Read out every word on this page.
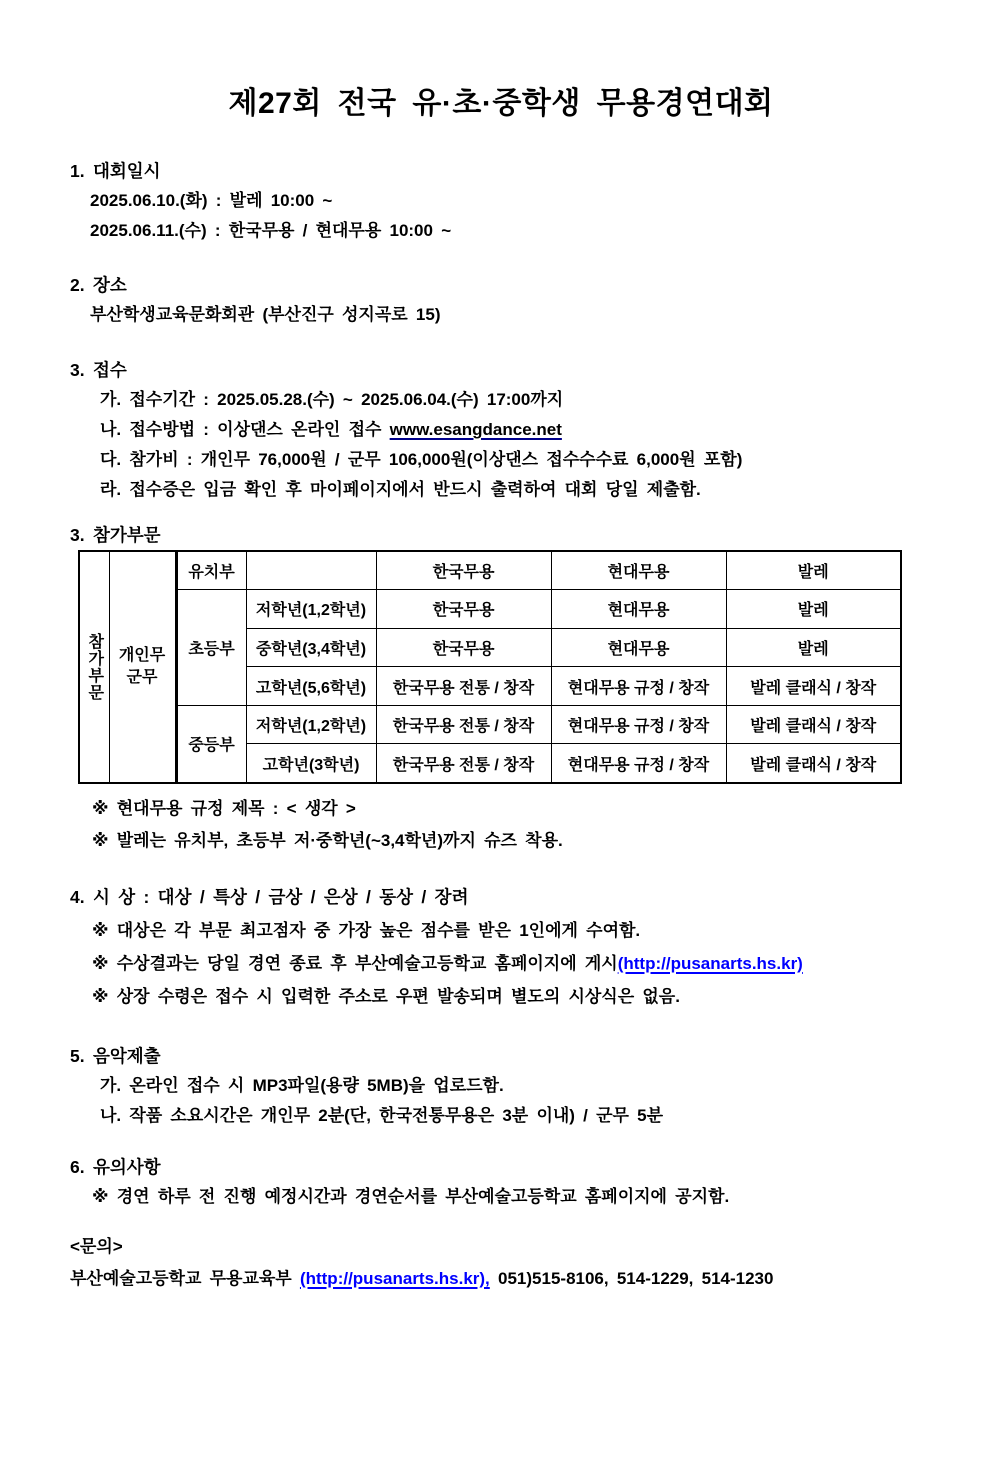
제27회 전국 유·초·중학생 무용경연대회
1. 대회일시
2025.06.10.(화) : 발레 10:00 ~
2025.06.11.(수) : 한국무용 / 현대무용 10:00 ~
2. 장소
부산학생교육문화회관 (부산진구 성지곡로 15)
3. 접수
가. 접수기간 : 2025.05.28.(수) ~ 2025.06.04.(수) 17:00까지
나. 접수방법 : 이상댄스 온라인 접수 www.esangdance.net
다. 참가비 : 개인무 76,000원 / 군무 106,000원(이상댄스 접수수수료 6,000원 포함)
라. 접수증은 입금 확인 후 마이페이지에서 반드시 출력하여 대회 당일 제출함.
3. 참가부문
참가부문	개인무
군무	유치부		한국무용	현대무용	발레
		초등부	저학년(1,2학년)	한국무용	현대무용	발레
			중학년(3,4학년)	한국무용	현대무용	발레
			고학년(5,6학년)	한국무용 전통 / 창작	현대무용 규정 / 창작	발레 클래식 / 창작
		중등부	저학년(1,2학년)	한국무용 전통 / 창작	현대무용 규정 / 창작	발레 클래식 / 창작
			고학년(3학년)	한국무용 전통 / 창작	현대무용 규정 / 창작	발레 클래식 / 창작
※ 현대무용 규정 제목 : < 생각 >
※ 발레는 유치부, 초등부 저·중학년(~3,4학년)까지 슈즈 착용.
4. 시 상 : 대상 / 특상 / 금상 / 은상 / 동상 / 장려
※ 대상은 각 부문 최고점자 중 가장 높은 점수를 받은 1인에게 수여함.
※ 수상결과는 당일 경연 종료 후 부산예술고등학교 홈페이지에 게시(http://pusanarts.hs.kr)
※ 상장 수령은 접수 시 입력한 주소로 우편 발송되며 별도의 시상식은 없음.
5. 음악제출
가. 온라인 접수 시 MP3파일(용량 5MB)을 업로드함.
나. 작품 소요시간은 개인무 2분(단, 한국전통무용은 3분 이내) / 군무 5분
6. 유의사항
※ 경연 하루 전 진행 예정시간과 경연순서를 부산예술고등학교 홈페이지에 공지함.
<문의>
부산예술고등학교 무용교육부 (http://pusanarts.hs.kr), 051)515-8106, 514-1229, 514-1230
